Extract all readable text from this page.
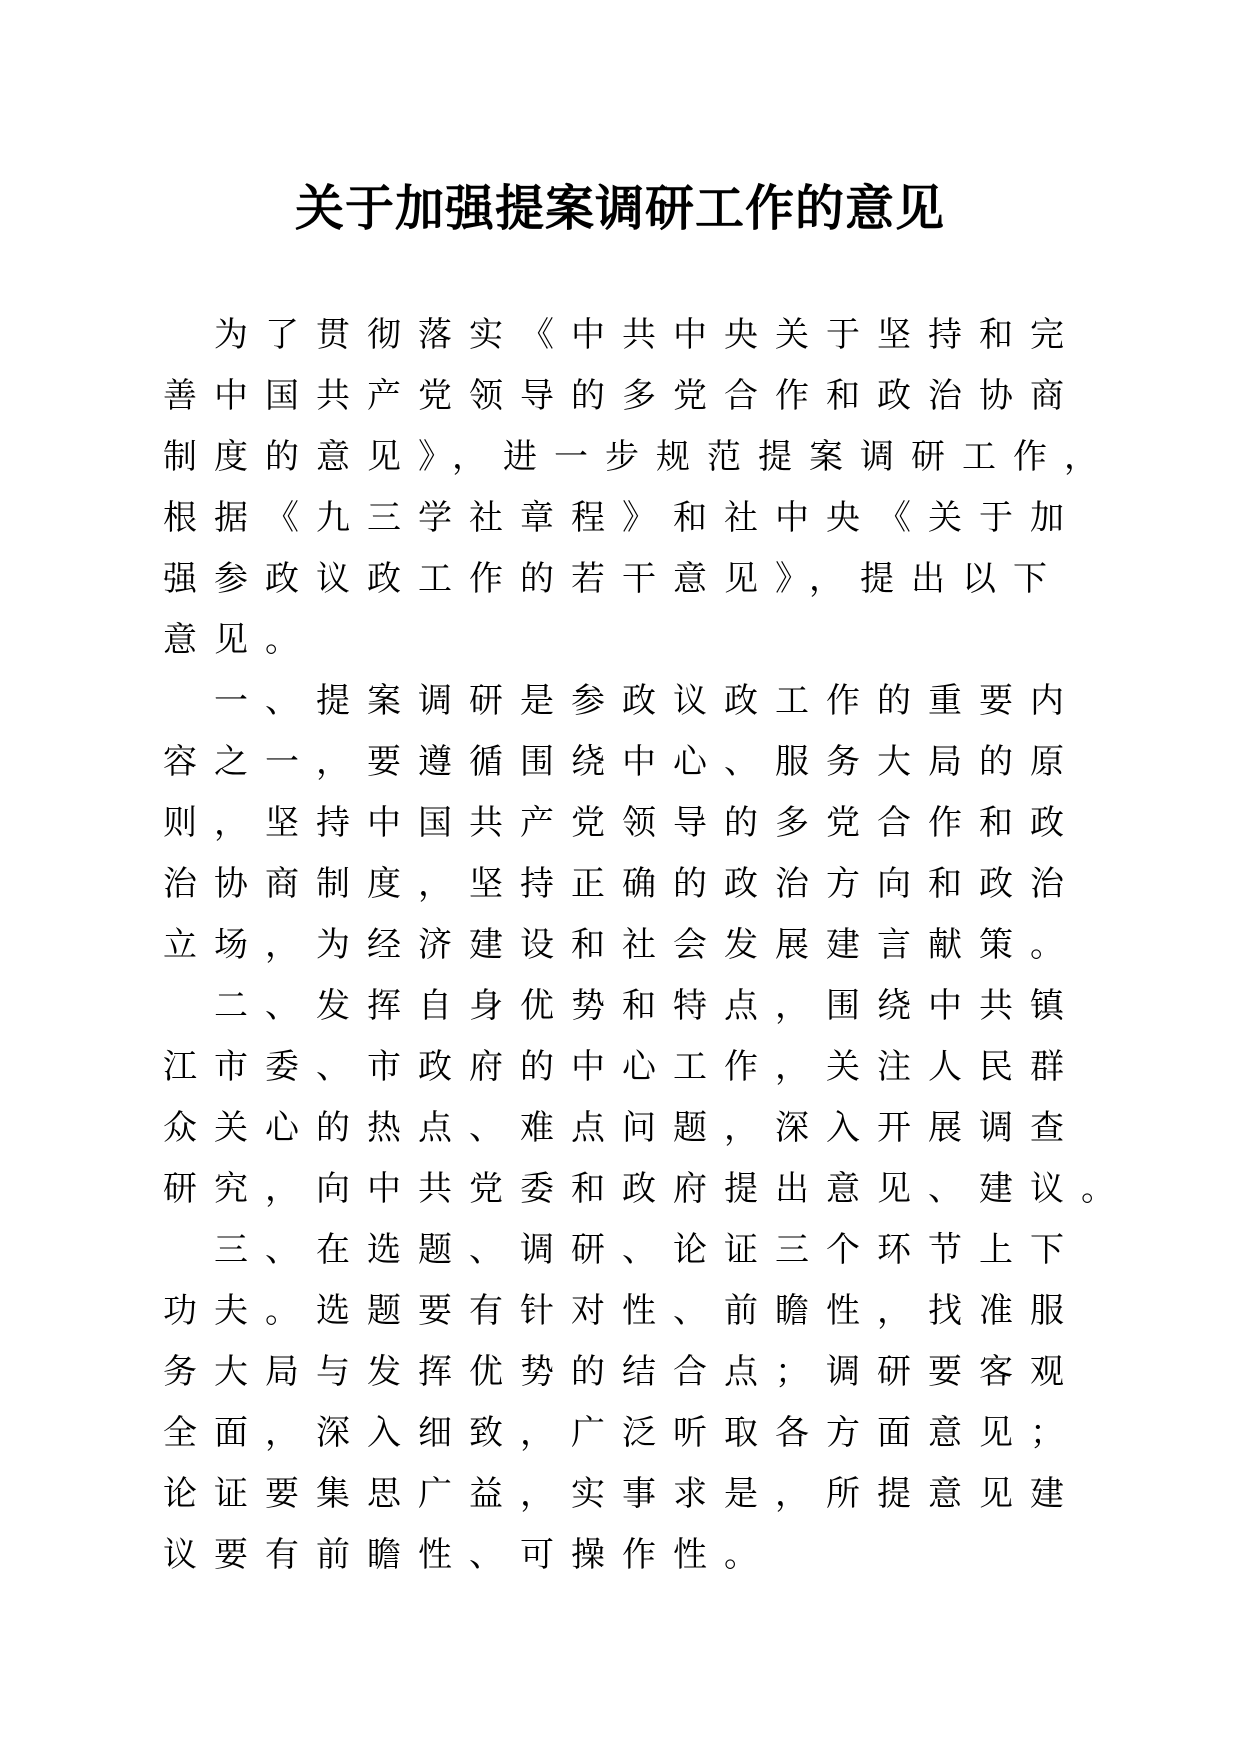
关于加强提案调研工作的意见
　为了贯彻落实《中共中央关于坚持和完
善中国共产党领导的多党合作和政治协商
制度的意见》，进一步规范提案调研工作，
根据《九三学社章程》和社中央《关于加
强参政议政工作的若干意见》，提出以下
意见。
　一、提案调研是参政议政工作的重要内
容之一，要遵循围绕中心、服务大局的原
则，坚持中国共产党领导的多党合作和政
治协商制度，坚持正确的政治方向和政治
立场，为经济建设和社会发展建言献策。
　二、发挥自身优势和特点，围绕中共镇
江市委、市政府的中心工作，关注人民群
众关心的热点、难点问题，深入开展调查
研究，向中共党委和政府提出意见、建议。
　三、在选题、调研、论证三个环节上下
功夫。选题要有针对性、前瞻性，找准服
务大局与发挥优势的结合点；调研要客观
全面，深入细致，广泛听取各方面意见；
论证要集思广益，实事求是，所提意见建
议要有前瞻性、可操作性。
